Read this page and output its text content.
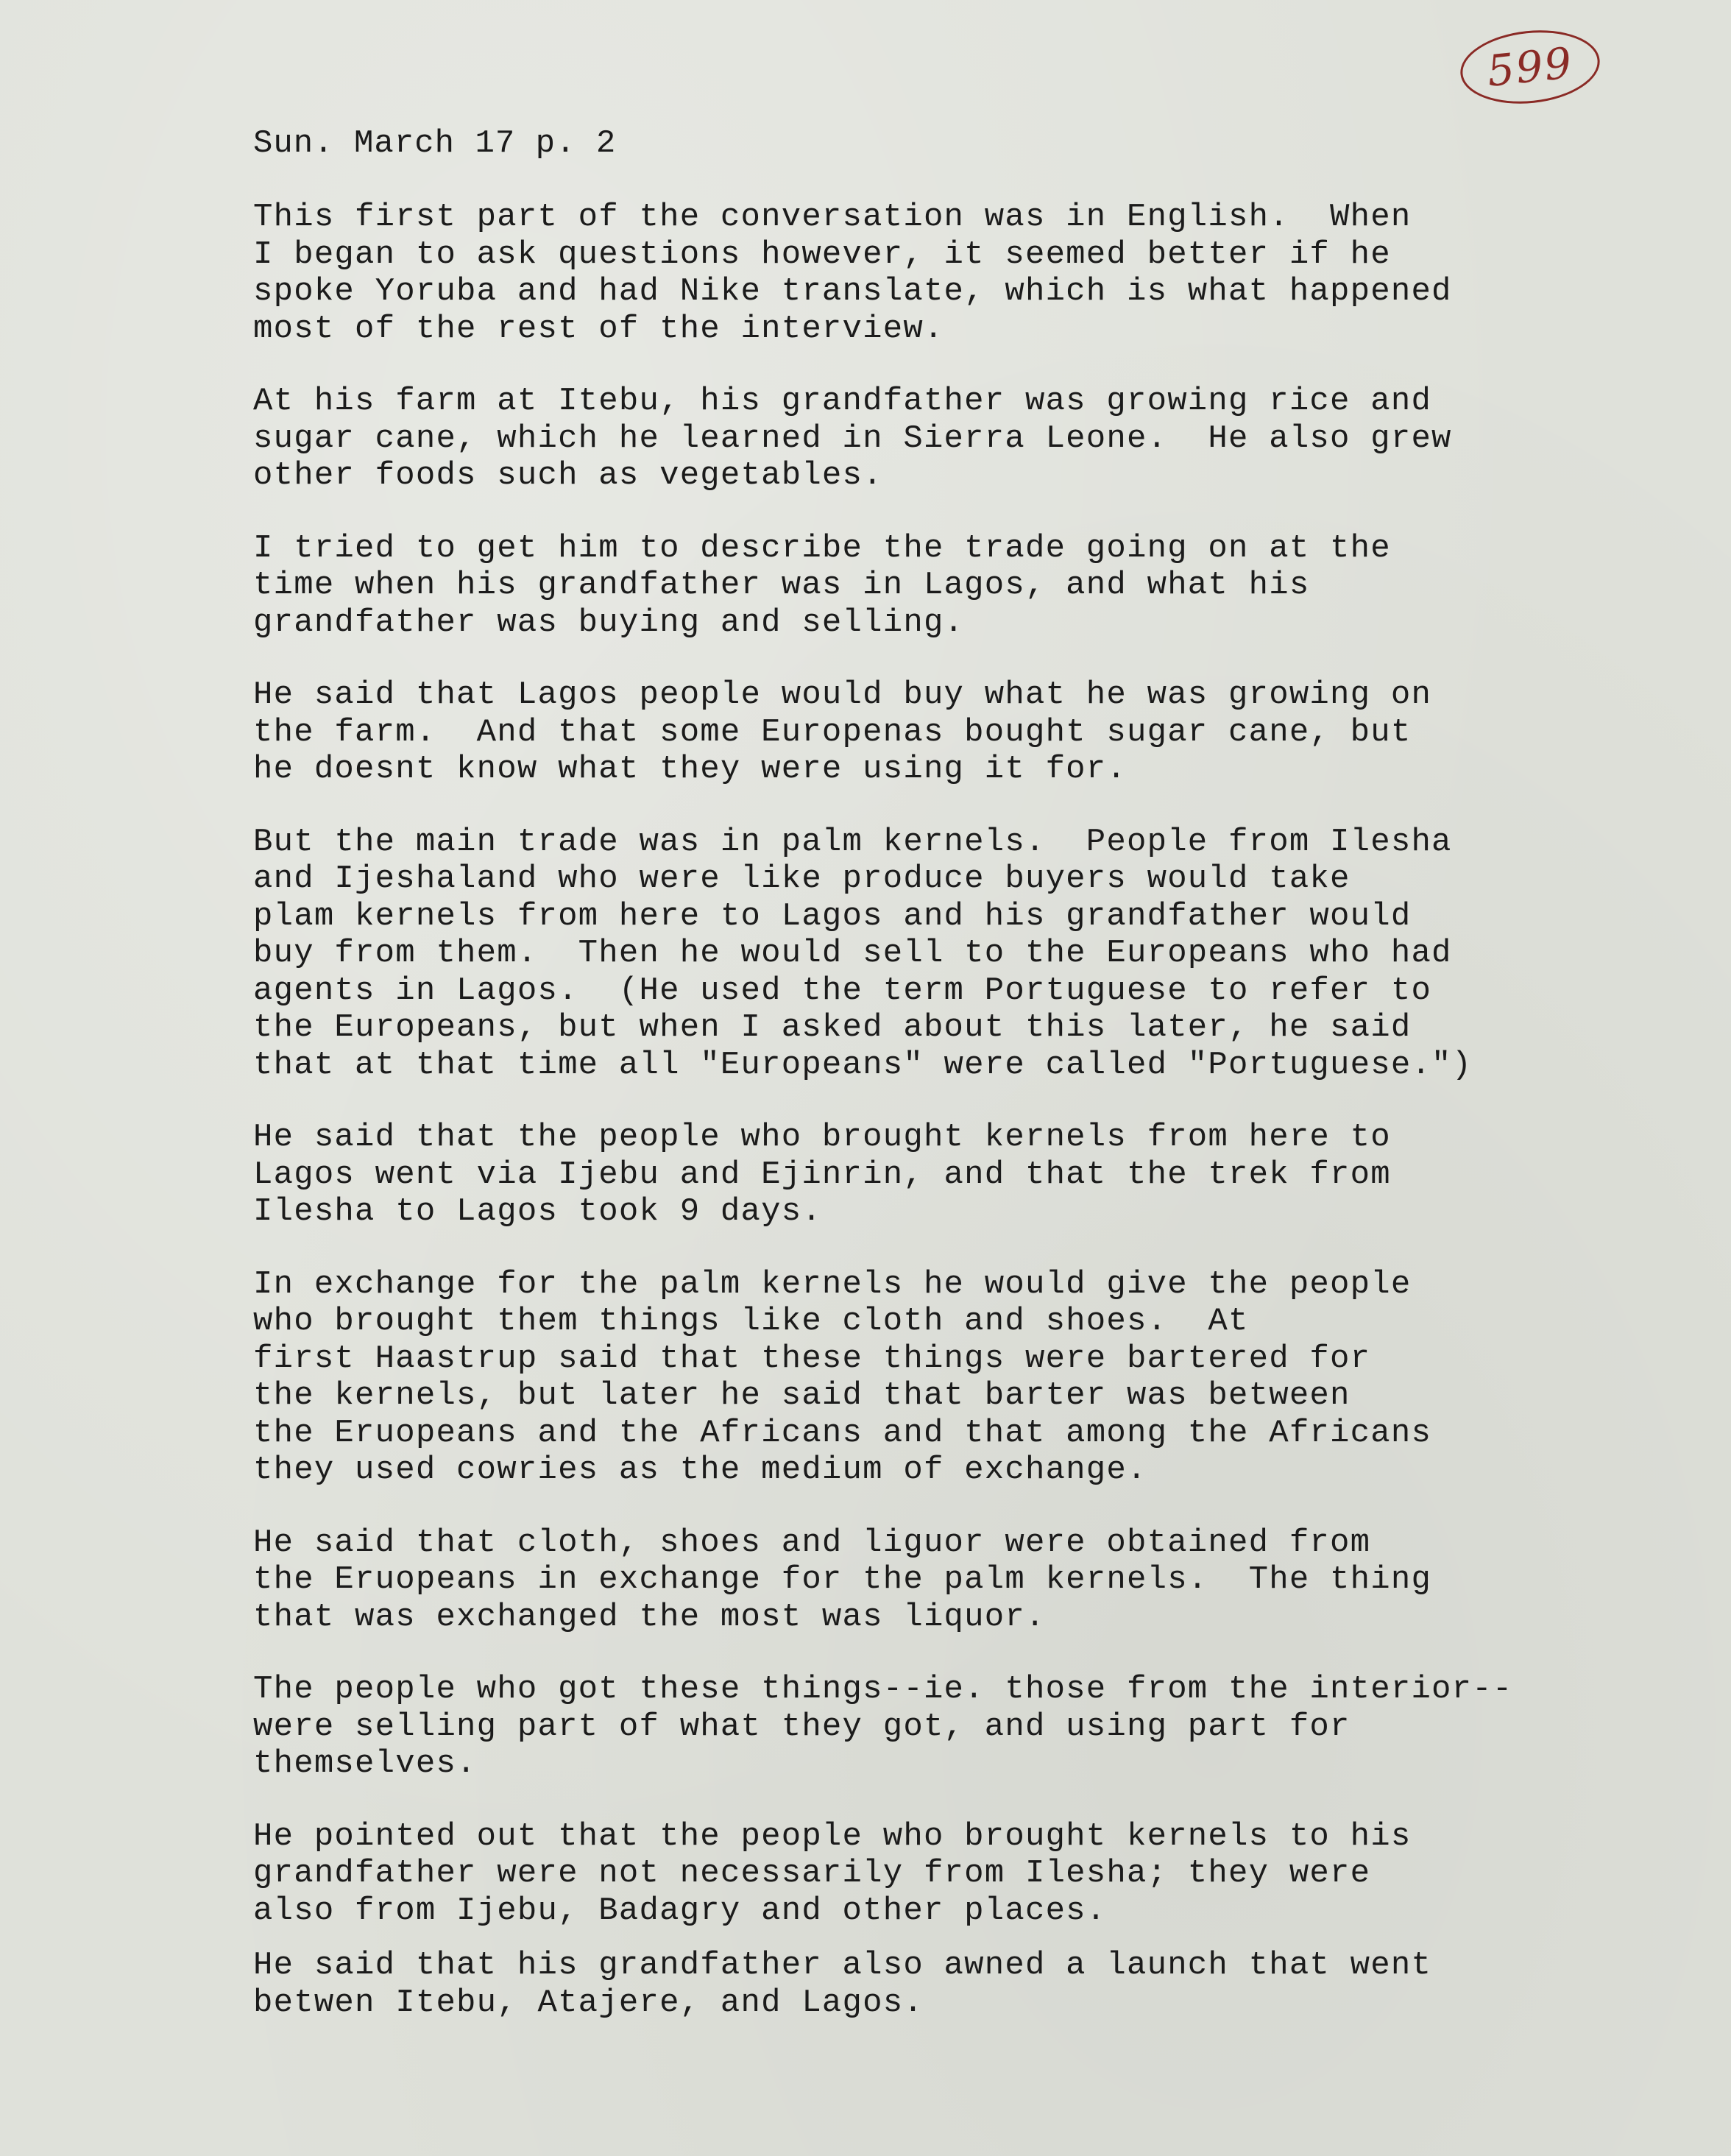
599
Sun. March 17 p. 2
This first part of the conversation was in English.  When
I began to ask questions however, it seemed better if he
spoke Yoruba and had Nike translate, which is what happened
most of the rest of the interview.
At his farm at Itebu, his grandfather was growing rice and
sugar cane, which he learned in Sierra Leone.  He also grew
other foods such as vegetables.
I tried to get him to describe the trade going on at the
time when his grandfather was in Lagos, and what his
grandfather was buying and selling.
He said that Lagos people would buy what he was growing on
the farm.  And that some Europenas bought sugar cane, but
he doesnt know what they were using it for.
But the main trade was in palm kernels.  People from Ilesha
and Ijeshaland who were like produce buyers would take
plam kernels from here to Lagos and his grandfather would
buy from them.  Then he would sell to the Europeans who had
agents in Lagos.  (He used the term Portuguese to refer to
the Europeans, but when I asked about this later, he said
that at that time all "Europeans" were called "Portuguese.")
He said that the people who brought kernels from here to
Lagos went via Ijebu and Ejinrin, and that the trek from
Ilesha to Lagos took 9 days.
In exchange for the palm kernels he would give the people
who brought them things like cloth and shoes.  At
first Haastrup said that these things were bartered for
the kernels, but later he said that barter was between
the Eruopeans and the Africans and that among the Africans
they used cowries as the medium of exchange.
He said that cloth, shoes and liguor were obtained from
the Eruopeans in exchange for the palm kernels.  The thing
that was exchanged the most was liquor.
The people who got these things--ie. those from the interior--
were selling part of what they got, and using part for
themselves.
He pointed out that the people who brought kernels to his
grandfather were not necessarily from Ilesha; they were
also from Ijebu, Badagry and other places.
He said that his grandfather also awned a launch that went
betwen Itebu, Atajere, and Lagos.
